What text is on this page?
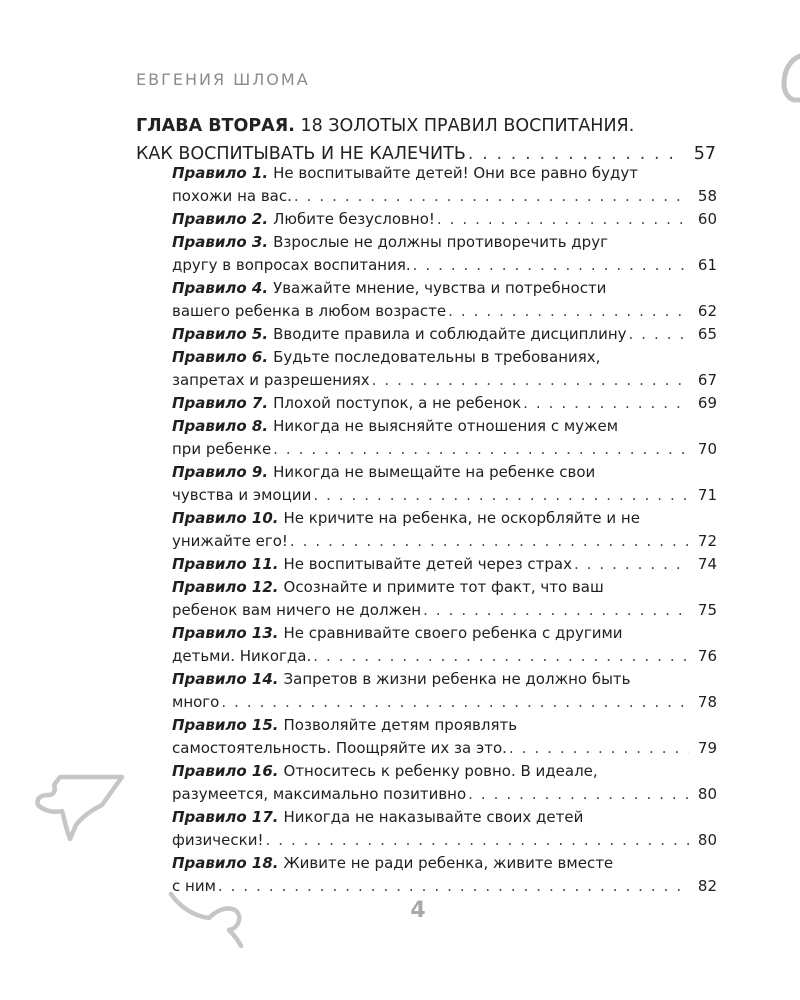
ЕВГЕНИЯ ШЛОМА
ГЛАВА ВТОРАЯ. 18 ЗОЛОТЫХ ПРАВИЛ ВОСПИТАНИЯ.
КАК ВОСПИТЫВАТЬ И НЕ КАЛЕЧИТЬ . . .	57
Правило 1. Не воспитывайте детей! Они все равно будут
похожи на вас. . . .	58
Правило 2. Любите безусловно! . . .	60
Правило 3. Взрослые не должны противоречить друг
другу в вопросах воспитания. . . .	61
Правило 4. Уважайте мнение, чувства и потребности
вашего ребенка в любом возрасте . . .	62
Правило 5. Вводите правила и соблюдайте дисциплину . . .	65
Правило 6. Будьте последовательны в требованиях,
запретах и разрешениях . . .	67
Правило 7. Плохой поступок, а не ребенок . . .	69
Правило 8. Никогда не выясняйте отношения с мужем
при ребенке . . .	70
Правило 9. Никогда не вымещайте на ребенке свои
чувства и эмоции . . .	71
Правило 10. Не кричите на ребенка, не оскорбляйте и не
унижайте его! . . .	72
Правило 11. Не воспитывайте детей через страх . . .	74
Правило 12. Осознайте и примите тот факт, что ваш
ребенок вам ничего не должен . . .	75
Правило 13. Не сравнивайте своего ребенка с другими
детьми. Никогда. . . .	76
Правило 14. Запретов в жизни ребенка не должно быть
много . . .	78
Правило 15. Позволяйте детям проявлять
самостоятельность. Поощряйте их за это. . . .	79
Правило 16. Относитесь к ребенку ровно. В идеале,
разумеется, максимально позитивно . . .	80
Правило 17. Никогда не наказывайте своих детей
физически! . . .	80
Правило 18. Живите не ради ребенка, живите вместе
с ним . . .	82
4
